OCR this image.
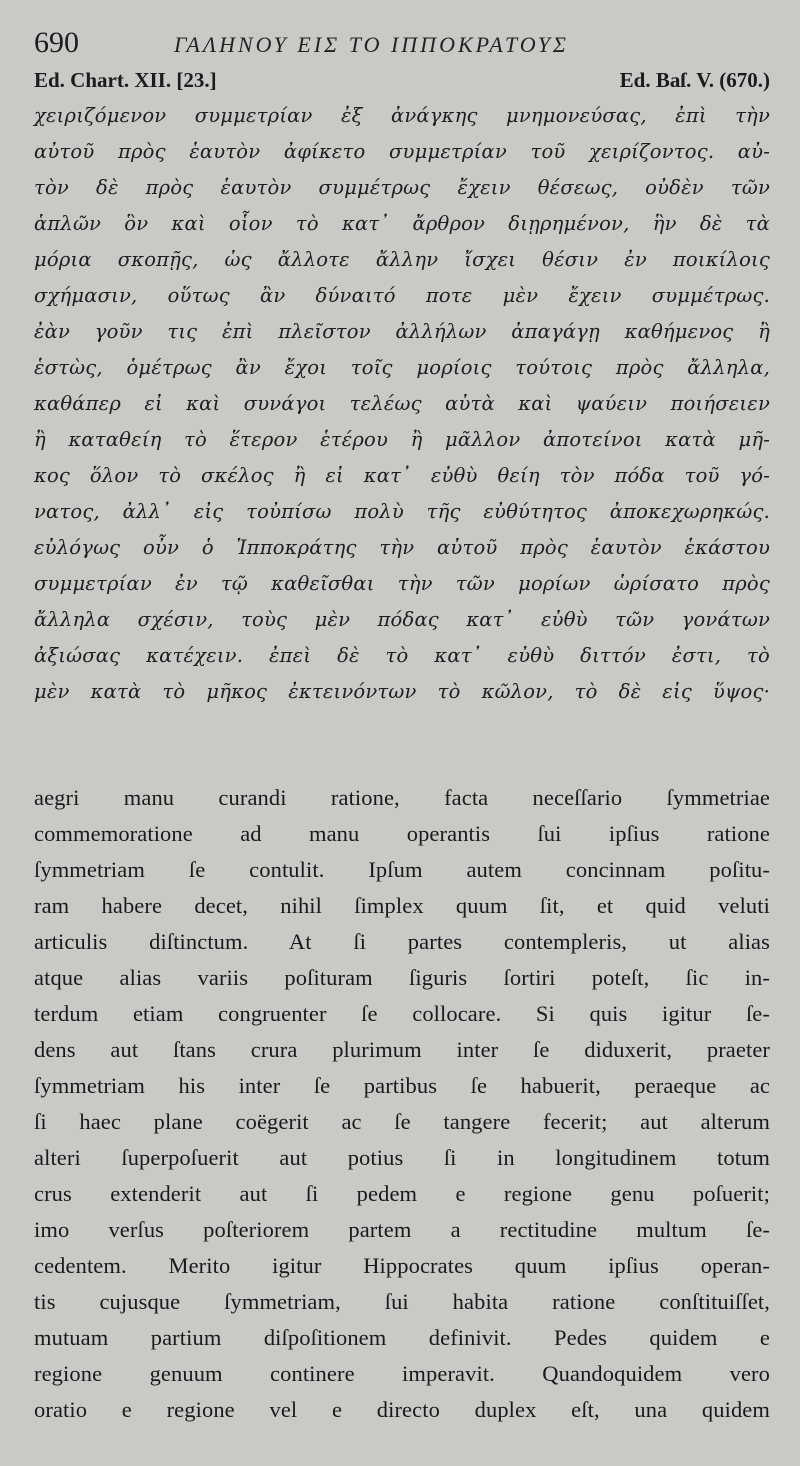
690	ΓΑΛΗΝΟΥ ΕΙΣ ΤΟ ΙΠΠΟΚΡΑΤΟΥΣ
Ed. Chart. XII. [23.]	Ed. Baſ. V. (670.)
χειριζόμενον συμμετρίαν ἐξ ἀνάγκης μνημονεύσας, ἐπὶ τὴν
αὐτοῦ πρὸς ἑαυτὸν ἀφίκετο συμμετρίαν τοῦ χειρίζοντος. αὐ-
τὸν δὲ πρὸς ἑαυτὸν συμμέτρως ἔχειν θέσεως, οὐδὲν τῶν
ἁπλῶν ὃν καὶ οἷον τὸ κατ᾽ ἄρθρον διῃρημένον, ἣν δὲ τὰ
μόρια σκοπῇς, ὡς ἄλλοτε ἄλλην ἴσχει θέσιν ἐν ποικίλοις
σχήμασιν, οὕτως ἂν δύναιτό ποτε μὲν ἔχειν συμμέτρως.
ἐὰν γοῦν τις ἐπὶ πλεῖστον ἀλλήλων ἀπαγάγῃ καθήμενος ἢ
ἑστὼς, ὁμέτρως ἂν ἔχοι τοῖς μορίοις τούτοις πρὸς ἄλληλα,
καθάπερ εἰ καὶ συνάγοι τελέως αὐτὰ καὶ ψαύειν ποιήσειεν
ἢ καταθείη τὸ ἕτερον ἑτέρου ἢ μᾶλλον ἀποτείνοι κατὰ μῆ-
κος ὅλον τὸ σκέλος ἢ εἰ κατ᾽ εὐθὺ θείη τὸν πόδα τοῦ γό-
νατος, ἀλλ᾽ εἰς τοὐπίσω πολὺ τῆς εὐθύτητος ἀποκεχωρηκώς.
εὐλόγως οὖν ὁ Ἱπποκράτης τὴν αὐτοῦ πρὸς ἑαυτὸν ἑκάστου
συμμετρίαν ἐν τῷ καθεῖσθαι τὴν τῶν μορίων ὡρίσατο πρὸς
ἄλληλα σχέσιν, τοὺς μὲν πόδας κατ᾽ εὐθὺ τῶν γονάτων
ἀξιώσας κατέχειν. ἐπεὶ δὲ τὸ κατ᾽ εὐθὺ διττόν ἐστι, τὸ
μὲν κατὰ τὸ μῆκος ἐκτεινόντων τὸ κῶλον, τὸ δὲ εἰς ὕψος·
aegri manu curandi ratione, facta neceſſario ſymmetriae
commemoratione ad manu operantis ſui ipſius ratione
ſymmetriam ſe contulit. Ipſum autem concinnam poſitu-
ram habere decet, nihil ſimplex quum ſit, et quid veluti
articulis diſtinctum. At ſi partes contempleris, ut alias
atque alias variis poſituram ſiguris ſortiri poteſt, ſic in-
terdum etiam congruenter ſe collocare. Si quis igitur ſe-
dens aut ſtans crura plurimum inter ſe diduxerit, praeter
ſymmetriam his inter ſe partibus ſe habuerit, peraeque ac
ſi haec plane coëgerit ac ſe tangere fecerit; aut alterum
alteri ſuperpoſuerit aut potius ſi in longitudinem totum
crus extenderit aut ſi pedem e regione genu poſuerit;
imo verſus poſteriorem partem a rectitudine multum ſe-
cedentem. Merito igitur Hippocrates quum ipſius operan-
tis cujusque ſymmetriam, ſui habita ratione conſtituiſſet,
mutuam partium diſpoſitionem definivit. Pedes quidem e
regione genuum continere imperavit. Quandoquidem vero
oratio e regione vel e directo duplex eſt, una quidem
